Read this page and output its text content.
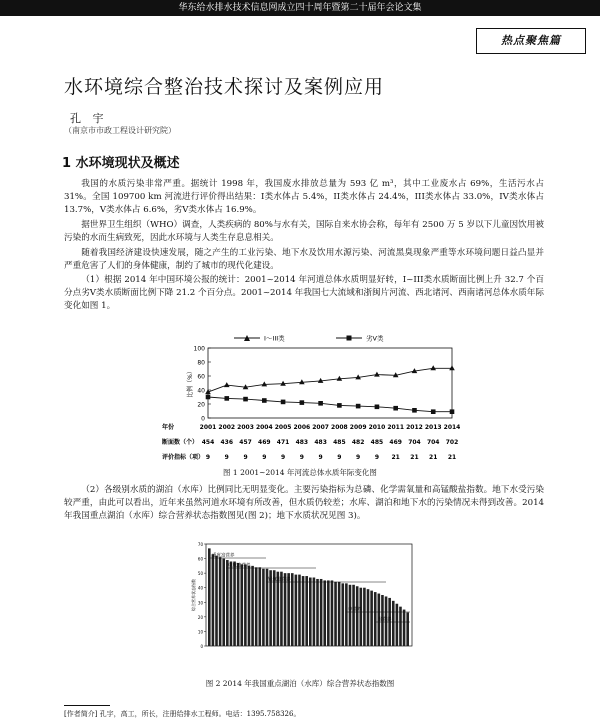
华东给水排水技术信息网成立四十周年暨第二十届年会论文集
热点聚焦篇
水环境综合整治技术探讨及案例应用
孔 宇
（南京市市政工程设计研究院）
1 水环境现状及概述
我国的水质污染非常严重。据统计 1998 年，我国废水排放总量为 593 亿 m³，其中工业废水占 69%，生活污水占 31%。全国 109700 km 河流进行评价得出结果：I类水体占 5.4%，II类水体占 24.4%，III类水体占 33.0%，IV类水体占 13.7%，V类水体占 6.6%，劣V类水体占 16.9%。
据世界卫生组织（WHO）调查，人类疾病的 80%与水有关，国际自来水协会称，每年有 2500 万 5 岁以下儿童因饮用被污染的水而生病致死，因此水环境与人类生存息息相关。
随着我国经济建设快速发展，随之产生的工业污染、地下水及饮用水源污染、河流黑臭现象严重等水环境问题日益凸显并严重危害了人们的身体健康，制约了城市的现代化建设。
（1）根据 2014 年中国环境公报的统计：2001~2014 年河道总体水质明显好转，I~III类水质断面比例上升 32.7 个百分点劣V类水质断面比例下降 21.2 个百分点。2001~2014 年我国七大流域和浙闽片河流、西北诸河、西南诸河总体水质年际变化如图 1。
0
20
40
60
80
100
比例（%）
I～III类	劣V类
年份	2001 2002 2003 2004 2005 2006 2007 2008 2009 2010 2011 2012 2013 2014
断面数（个） 454 436 457 469 471 483 483 485 482 485 469 704 704 702
评价指标（项） 9 9 9 9 9 9 9 9 9 9 21 21 21 21
图 1 2001~2014 年河流总体水质年际变化图
（2）各级别水质的湖泊（水库）比例同比无明显变化。主要污染指标为总磷、化学需氧量和高锰酸盐指数。地下水受污染较严重，由此可以看出，近年来虽然河道水环境有所改善，但水质仍较差；水库、湖泊和地下水的污染情况未得到改善。2014 年我国重点湖泊（水库）综合营养状态指数图见(图 2)；地下水质状况见图 3)。
0
10
20
30
40
50
60
70
综合营养状态指数
重度富营养
中度富营养
轻度富营养
中营养
贫营养
图 2 2014 年我国重点湖泊（水库）综合营养状态指数图
[作者简介] 孔宇，高工，所长，注册给排水工程师。电话：1395.758326。
